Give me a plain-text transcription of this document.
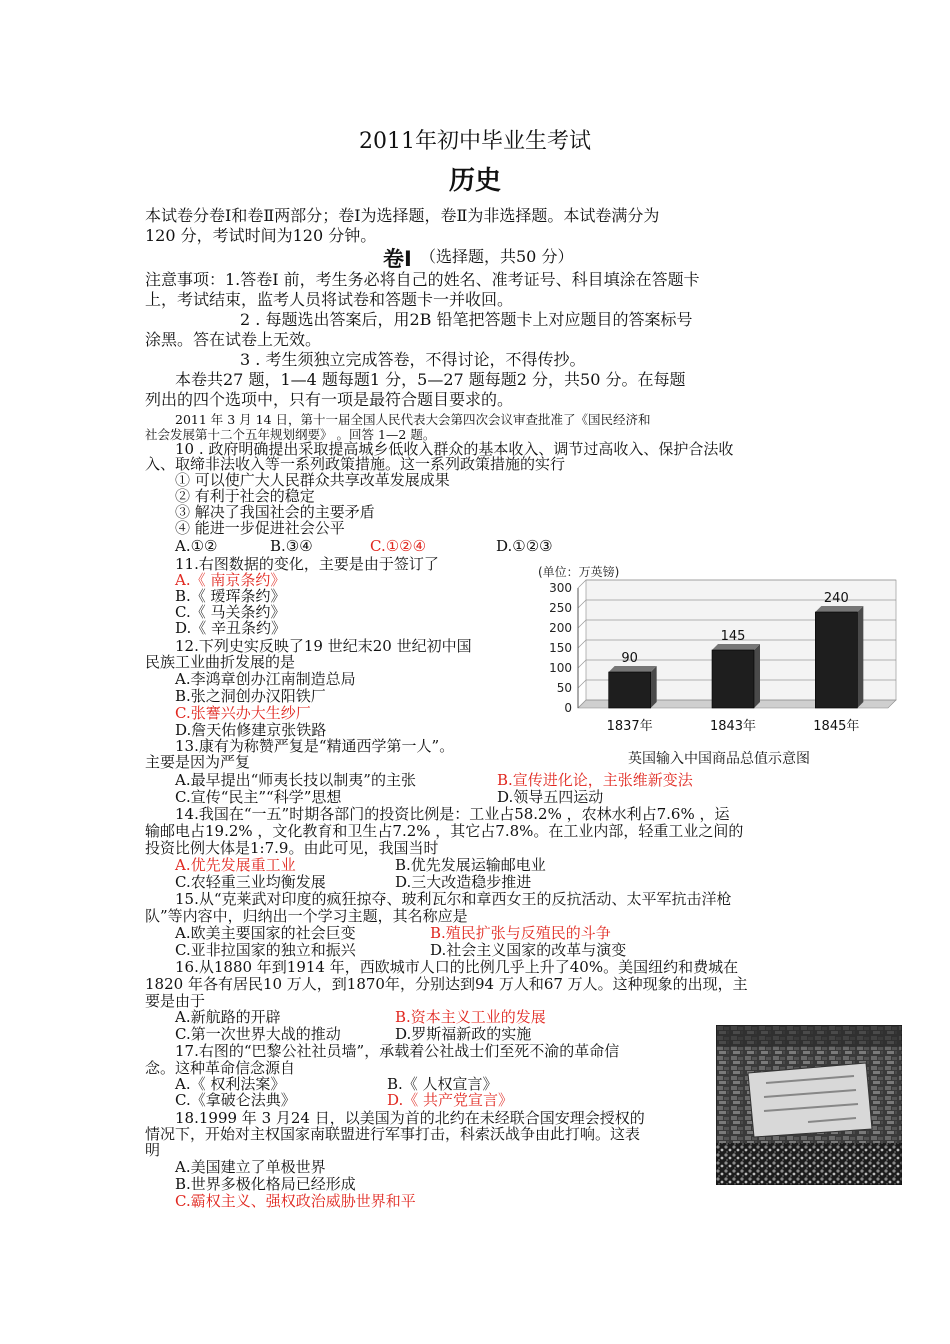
2011年初中毕业生考试
历史
本试卷分卷Ⅰ和卷Ⅱ两部分；卷Ⅰ为选择题，卷Ⅱ为非选择题。本试卷满分为
120 分，考试时间为120 分钟。
卷Ⅰ （选择题，共50 分）
注意事项：1.答卷Ⅰ 前，考生务必将自己的姓名、准考证号、科目填涂在答题卡
上，考试结束，监考人员将试卷和答题卡一并收回。
2 . 每题选出答案后，用2B 铅笔把答题卡上对应题目的答案标号
涂黑。答在试卷上无效。
3 . 考生须独立完成答卷，不得讨论，不得传抄。
本卷共27 题，1—4 题每题1 分，5—27 题每题2 分，共50 分。在每题
列出的四个选项中，只有一项是最符合题目要求的。
2011 年 3 月 14 日，第十一届全国人民代表大会第四次会议审查批准了《国民经济和
社会发展第十二个五年规划纲要》 。回答 1—2 题。
10 . 政府明确提出采取提高城乡低收入群众的基本收入、调节过高收入、保护合法收
入、取缔非法收入等一系列政策措施。这一系列政策措施的实行
① 可以使广大人民群众共享改革发展成果
② 有利于社会的稳定
③ 解决了我国社会的主要矛盾
④ 能进一步促进社会公平
A.①②	B.③④	C.①②④	D.①②③
11.右图数据的变化，主要是由于签订了
A.《 南京条约》
B.《 瑷珲条约》
C.《 马关条约》
D.《 辛丑条约》
12.下列史实反映了19 世纪末20 世纪初中国
民族工业曲折发展的是
A.李鸿章创办江南制造总局
B.张之洞创办汉阳铁厂
C.张謇兴办大生纱厂
D.詹天佑修建京张铁路
13.康有为称赞严复是“精通西学第一人”。
主要是因为严复
A.最早提出“师夷长技以制夷”的主张	B.宣传进化论，主张维新变法
C.宣传“民主”“科学”思想	D.领导五四运动
14.我国在“一五”时期各部门的投资比例是：工业占58.2% ，农林水利占7.6% ，运
输邮电占19.2% ，文化教育和卫生占7.2% ，其它占7.8%。在工业内部，轻重工业之间的
投资比例大体是1:7.9。由此可见，我国当时
A.优先发展重工业	B.优先发展运输邮电业
C.农轻重三业均衡发展	D.三大改造稳步推进
15.从“克莱武对印度的疯狂掠夺、玻利瓦尔和章西女王的反抗活动、太平军抗击洋枪
队”等内容中，归纳出一个学习主题，其名称应是
A.欧美主要国家的社会巨变	B.殖民扩张与反殖民的斗争
C.亚非拉国家的独立和振兴	D.社会主义国家的改革与演变
16.从1880 年到1914 年，西欧城市人口的比例几乎上升了40%。美国纽约和费城在
1820 年各有居民10 万人，到1870年，分别达到94 万人和67 万人。这种现象的出现，主
要是由于
A.新航路的开辟	B.资本主义工业的发展
C.第一次世界大战的推动	D.罗斯福新政的实施
17.右图的“巴黎公社社员墙”，承载着公社战士们至死不渝的革命信
念。这种革命信念源自
A.《 权利法案》	B.《 人权宣言》
C.《拿破仑法典》	D.《 共产党宣言》
18.1999 年 3 月24 日，以美国为首的北约在未经联合国安理会授权的
情况下，开始对主权国家南联盟进行军事打击，科索沃战争由此打响。这表
明
A.美国建立了单极世界
B.世界多极化格局已经形成
C.霸权主义、强权政治威胁世界和平
(单位：万英镑)
0
50
100
150
200
250
300
90
1837年
145
1843年
240
1845年
英国输入中国商品总值示意图
